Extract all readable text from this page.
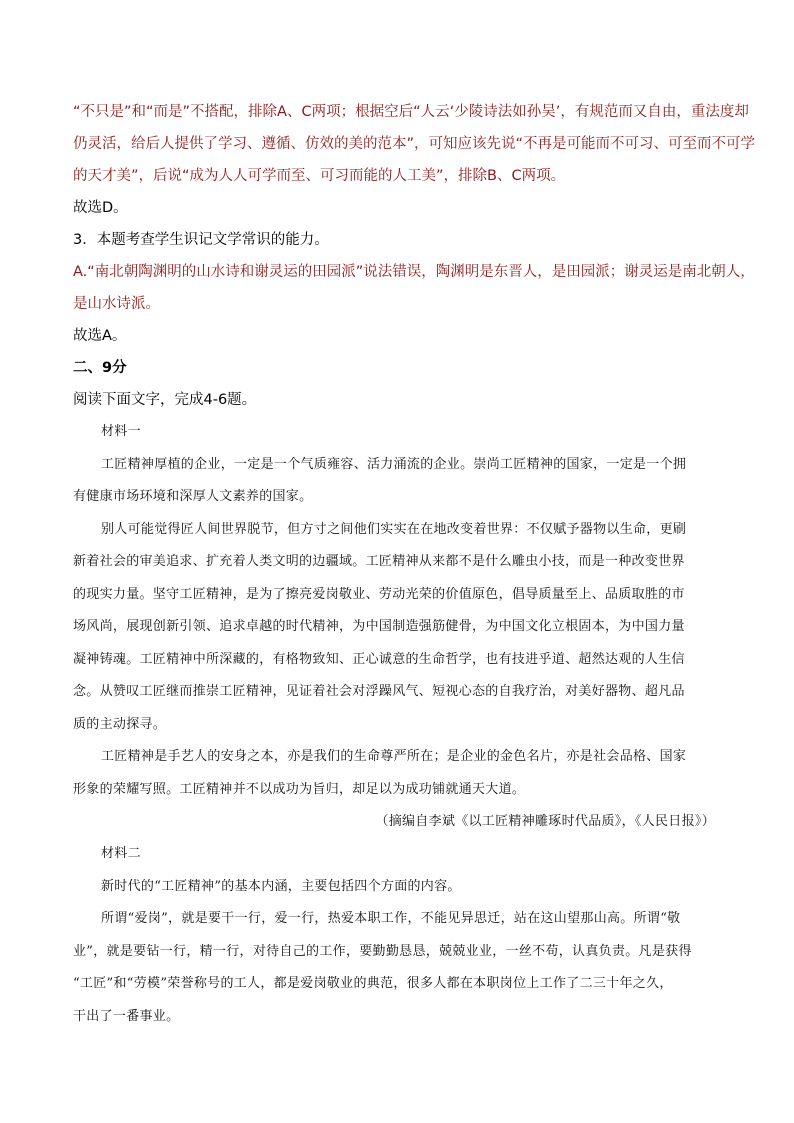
“不只是”和“而是”不搭配，排除A、C两项；根据空后“人云‘少陵诗法如孙吴’，有规范而又自由，重法度却
仍灵活，给后人提供了学习、遵循、仿效的美的范本”，可知应该先说“不再是可能而不可习、可至而不可学
的天才美”，后说“成为人人可学而至、可习而能的人工美”，排除B、C两项。
故选D。
3．本题考查学生识记文学常识的能力。
A.“南北朝陶渊明的山水诗和谢灵运的田园派”说法错误，陶渊明是东晋人，是田园派；谢灵运是南北朝人，
是山水诗派。
故选A。
二、9分
阅读下面文字，完成4-6题。
材料一
工匠精神厚植的企业，一定是一个气质雍容、活力涌流的企业。崇尚工匠精神的国家，一定是一个拥
有健康市场环境和深厚人文素养的国家。
别人可能觉得匠人间世界脱节，但方寸之间他们实实在在地改变着世界：不仅赋予器物以生命，更刷
新着社会的审美追求、扩充着人类文明的边疆域。工匠精神从来都不是什么雕虫小技，而是一种改变世界
的现实力量。坚守工匠精神，是为了擦亮爱岗敬业、劳动光荣的价值原色，倡导质量至上、品质取胜的市
场风尚，展现创新引领、追求卓越的时代精神，为中国制造强筋健骨，为中国文化立根固本，为中国力量
凝神铸魂。工匠精神中所深藏的，有格物致知、正心诚意的生命哲学，也有技进乎道、超然达观的人生信
念。从赞叹工匠继而推崇工匠精神，见证着社会对浮躁风气、短视心态的自我疗治，对美好器物、超凡品
质的主动探寻。
工匠精神是手艺人的安身之本，亦是我们的生命尊严所在；是企业的金色名片，亦是社会品格、国家
形象的荣耀写照。工匠精神并不以成功为旨归，却足以为成功铺就通天大道。
（摘编自李斌《以工匠精神雕琢时代品质》，《人民日报》）
材料二
新时代的“工匠精神”的基本内涵，主要包括四个方面的内容。
所谓“爱岗”，就是要干一行，爱一行，热爱本职工作，不能见异思迁，站在这山望那山高。所谓“敬
业”，就是要钻一行，精一行，对待自己的工作，要勤勤恳恳，兢兢业业，一丝不苟，认真负责。凡是获得
“工匠”和“劳模”荣誉称号的工人，都是爱岗敬业的典范，很多人都在本职岗位上工作了二三十年之久，
干出了一番事业。
